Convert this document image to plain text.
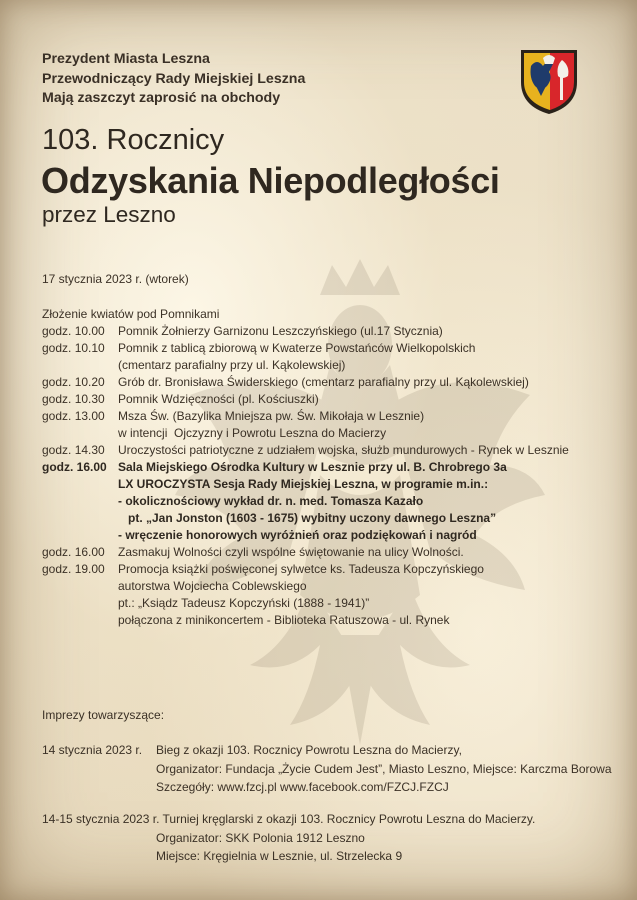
Prezydent Miasta Leszna
Przewodniczący Rady Miejskiej Leszna
Mają zaszczyt zaprosić na obchody
103. Rocznicy
Odzyskania Niepodległości
przez Leszno
17 stycznia 2023 r. (wtorek)
Złożenie kwiatów pod Pomnikami
godz. 10.00	Pomnik Żołnierzy Garnizonu Leszczyńskiego (ul.17 Stycznia)
godz. 10.10	Pomnik z tablicą zbiorową w Kwaterze Powstańców Wielkopolskich
(cmentarz parafialny przy ul. Kąkolewskiej)
godz. 10.20	Grób dr. Bronisława Świderskiego (cmentarz parafialny przy ul. Kąkolewskiej)
godz. 10.30	Pomnik Wdzięczności (pl. Kościuszki)
godz. 13.00	Msza Św. (Bazylika Mniejsza pw. Św. Mikołaja w Lesznie)
w intencji  Ojczyzny i Powrotu Leszna do Macierzy
godz. 14.30	Uroczystości patriotyczne z udziałem wojska, służb mundurowych - Rynek w Lesznie
godz. 16.00 Sala Miejskiego Ośrodka Kultury w Lesznie przy ul. B. Chrobrego 3a
LX UROCZYSTA Sesja Rady Miejskiej Leszna, w programie m.in.:
- okolicznościowy wykład dr. n. med. Tomasza Kazało
pt. „Jan Jonston (1603 - 1675) wybitny uczony dawnego Leszna”
- wręczenie honorowych wyróżnień oraz podziękowań i nagród
godz. 16.00	Zasmakuj Wolności czyli wspólne świętowanie na ulicy Wolności.
godz. 19.00	Promocja książki poświęconej sylwetce ks. Tadeusza Kopczyńskiego
autorstwa Wojciecha Coblewskiego
pt.: „Ksiądz Tadeusz Kopczyński (1888 - 1941)”
połączona z minikoncertem - Biblioteka Ratuszowa - ul. Rynek
Imprezy towarzyszące:
14 stycznia 2023 r.	Bieg z okazji 103. Rocznicy Powrotu Leszna do Macierzy,
Organizator: Fundacja „Życie Cudem Jest”, Miasto Leszno, Miejsce: Karczma Borowa
Szczegóły: www.fzcj.pl www.facebook.com/FZCJ.FZCJ
14-15 stycznia 2023 r. Turniej kręglarski z okazji 103. Rocznicy Powrotu Leszna do Macierzy.
Organizator: SKK Polonia 1912 Leszno
Miejsce: Kręgielnia w Lesznie, ul. Strzelecka 9
